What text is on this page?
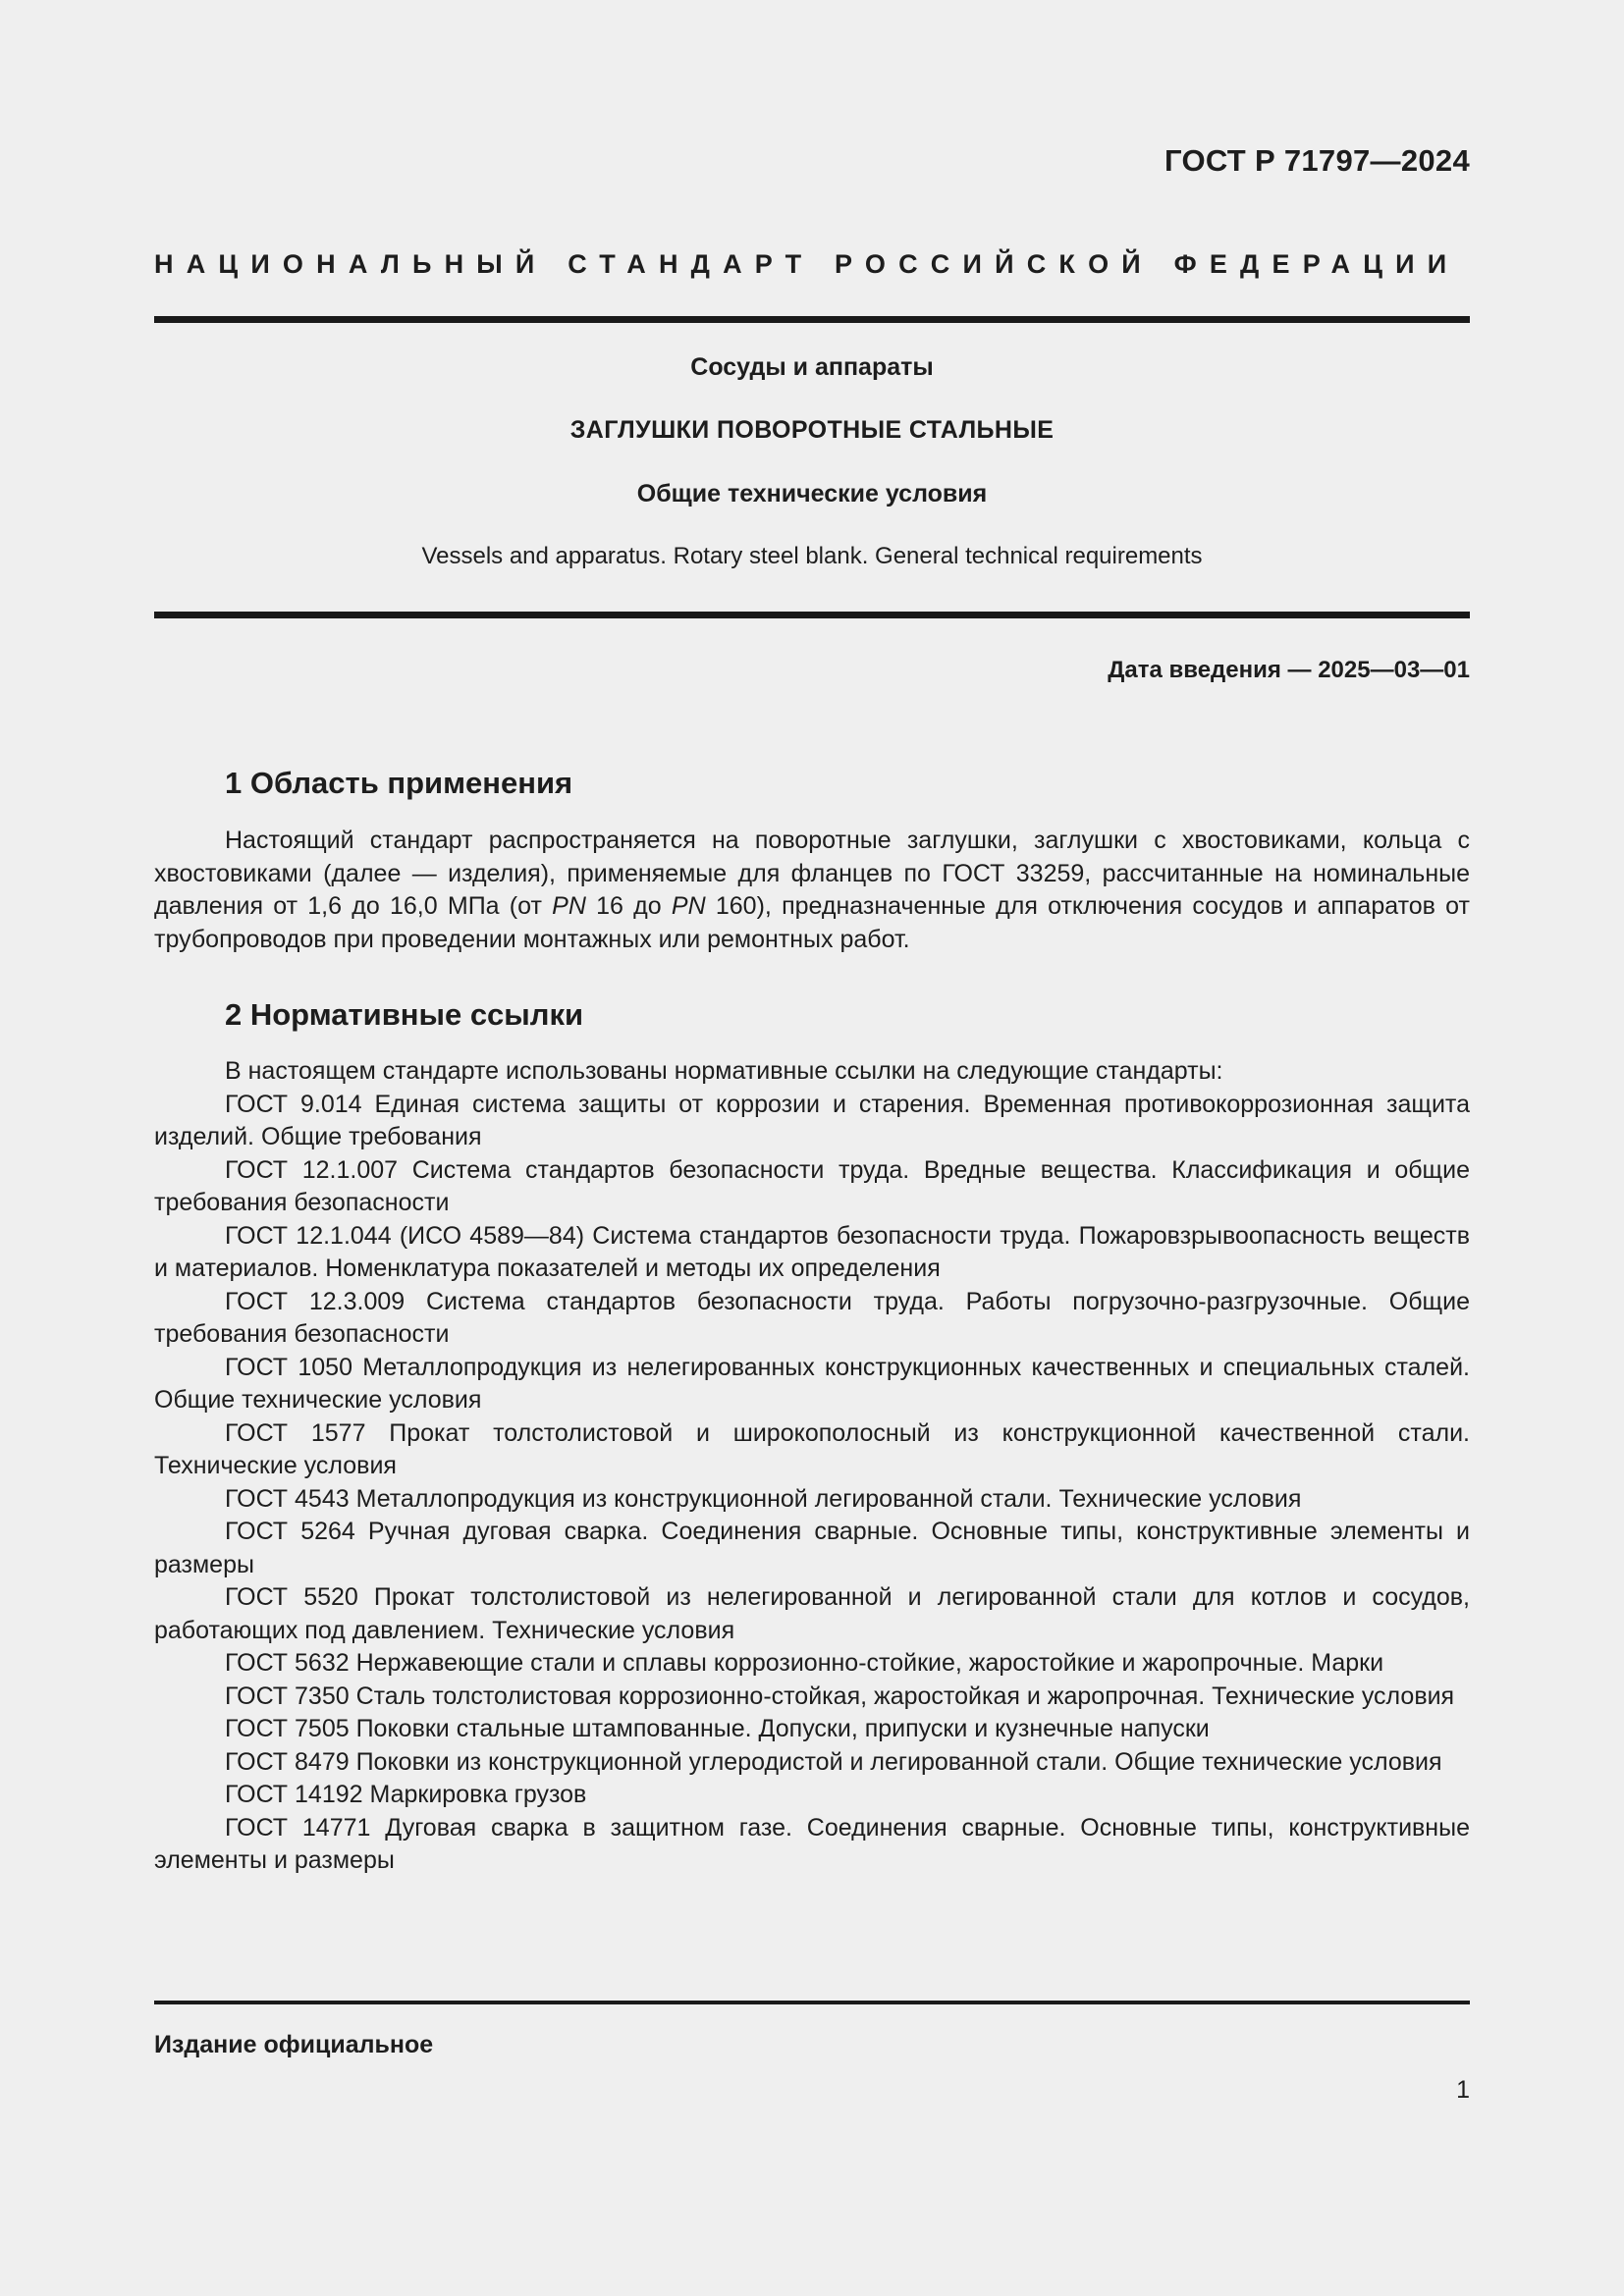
ГОСТ Р 71797—2024
НАЦИОНАЛЬНЫЙ СТАНДАРТ РОССИЙСКОЙ ФЕДЕРАЦИИ
Сосуды и аппараты
ЗАГЛУШКИ ПОВОРОТНЫЕ СТАЛЬНЫЕ
Общие технические условия
Vessels and apparatus. Rotary steel blank. General technical requirements
Дата введения — 2025—03—01
1 Область применения

Настоящий стандарт распространяется на поворотные заглушки, заглушки с хвостовиками, кольца с хвостовиками (далее — изделия), применяемые для фланцев по ГОСТ 33259, рассчитанные на номинальные давления от 1,6 до 16,0 МПа (от PN 16 до PN 160), предназначенные для отключения сосудов и аппаратов от трубопроводов при проведении монтажных или ремонтных работ.

2 Нормативные ссылки

В настоящем стандарте использованы нормативные ссылки на следующие стандарты:

ГОСТ 9.014 Единая система защиты от коррозии и старения. Временная противокоррозионная защита изделий. Общие требования

ГОСТ 12.1.007 Система стандартов безопасности труда. Вредные вещества. Классификация и общие требования безопасности

ГОСТ 12.1.044 (ИСО 4589—84) Система стандартов безопасности труда. Пожаровзрывоопасность веществ и материалов. Номенклатура показателей и методы их определения

ГОСТ 12.3.009 Система стандартов безопасности труда. Работы погрузочно-разгрузочные. Общие требования безопасности

ГОСТ 1050 Металлопродукция из нелегированных конструкционных качественных и специальных сталей. Общие технические условия

ГОСТ 1577 Прокат толстолистовой и широкополосный из конструкционной качественной стали. Технические условия

ГОСТ 4543 Металлопродукция из конструкционной легированной стали. Технические условия

ГОСТ 5264 Ручная дуговая сварка. Соединения сварные. Основные типы, конструктивные элементы и размеры

ГОСТ 5520 Прокат толстолистовой из нелегированной и легированной стали для котлов и сосудов, работающих под давлением. Технические условия

ГОСТ 5632 Нержавеющие стали и сплавы коррозионно-стойкие, жаростойкие и жаропрочные. Марки

ГОСТ 7350 Сталь толстолистовая коррозионно-стойкая, жаростойкая и жаропрочная. Технические условия

ГОСТ 7505 Поковки стальные штампованные. Допуски, припуски и кузнечные напуски

ГОСТ 8479 Поковки из конструкционной углеродистой и легированной стали. Общие технические условия

ГОСТ 14192 Маркировка грузов

ГОСТ 14771 Дуговая сварка в защитном газе. Соединения сварные. Основные типы, конструктивные элементы и размеры

Издание официальное
1
